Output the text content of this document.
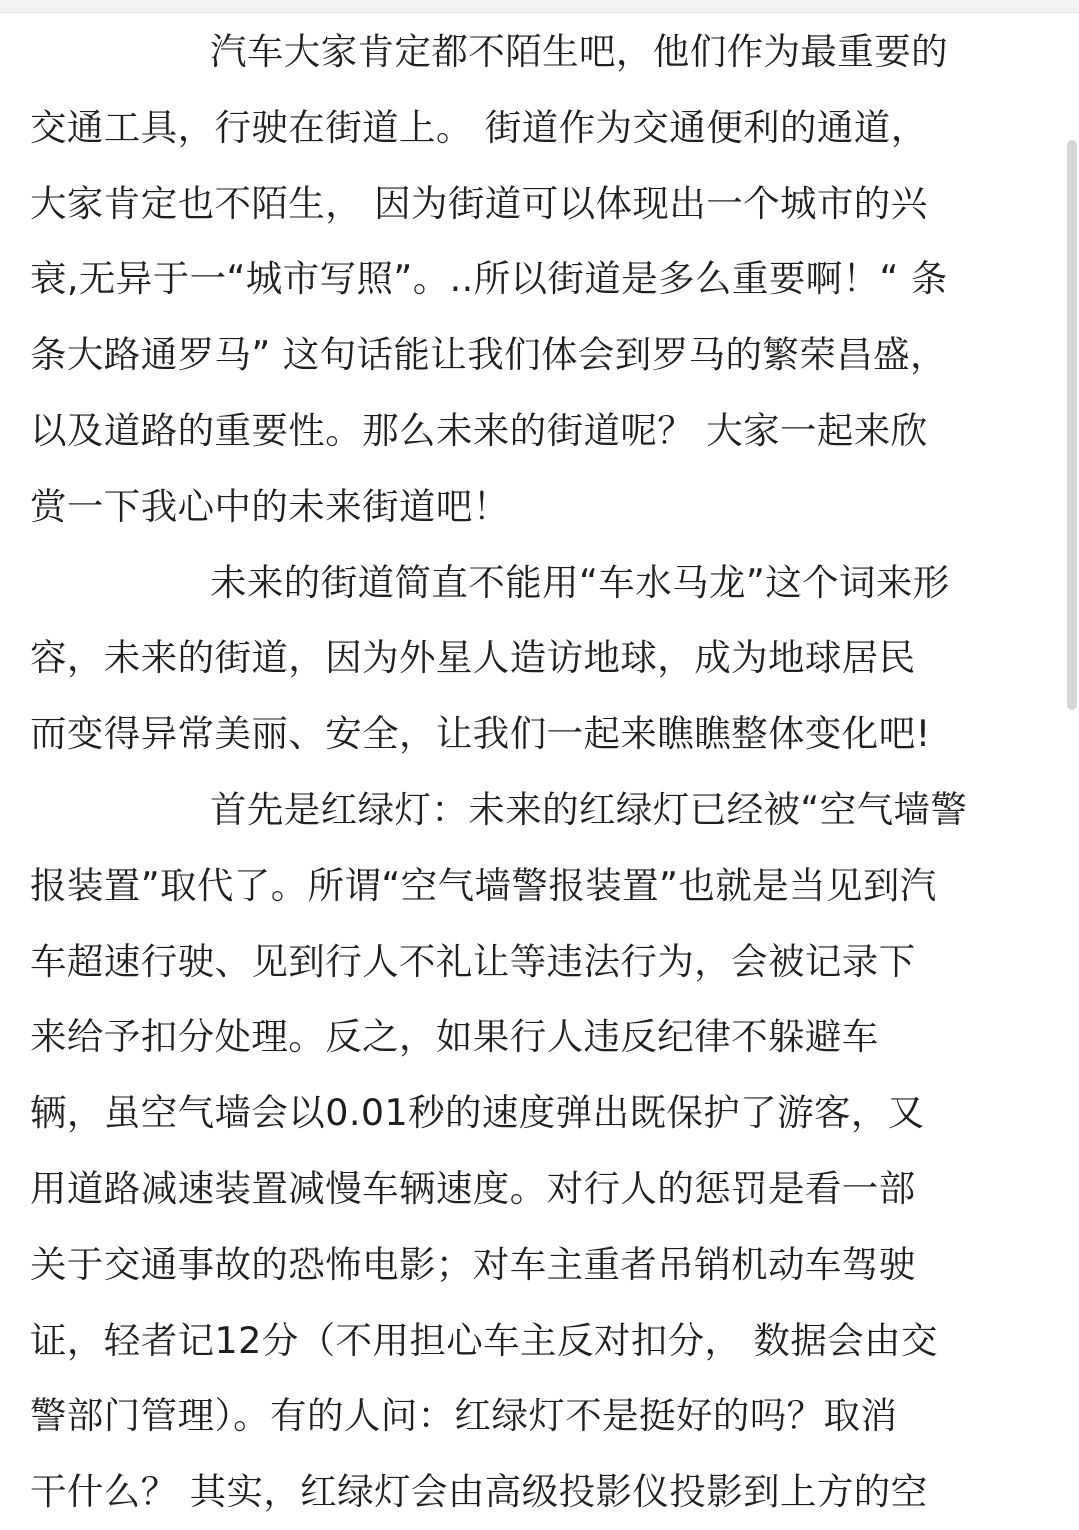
汽车大家肯定都不陌生吧，他们作为最重要的
交通工具，行驶在街道上。 街道作为交通便利的通道，
大家肯定也不陌生， 因为街道可以体现出一个城市的兴
衰,无异于一“城市写照”。..所以街道是多么重要啊！“ 条
条大路通罗马” 这句话能让我们体会到罗马的繁荣昌盛，
以及道路的重要性。那么未来的街道呢？ 大家一起来欣
赏一下我心中的未来街道吧！
未来的街道简直不能用“车水马龙”这个词来形
容，未来的街道，因为外星人造访地球，成为地球居民
而变得异常美丽、安全，让我们一起来瞧瞧整体变化吧!
首先是红绿灯：未来的红绿灯已经被“空气墙警
报装置”取代了。所谓“空气墙警报装置”也就是当见到汽
车超速行驶、见到行人不礼让等违法行为，会被记录下
来给予扣分处理。反之，如果行人违反纪律不躲避车
辆，虽空气墙会以0.01秒的速度弹出既保护了游客，又
用道路减速装置减慢车辆速度。对行人的惩罚是看一部
关于交通事故的恐怖电影；对车主重者吊销机动车驾驶
证，轻者记12分（不用担心车主反对扣分， 数据会由交
警部门管理）。有的人问：红绿灯不是挺好的吗？取消
干什么？ 其实，红绿灯会由高级投影仪投影到上方的空
